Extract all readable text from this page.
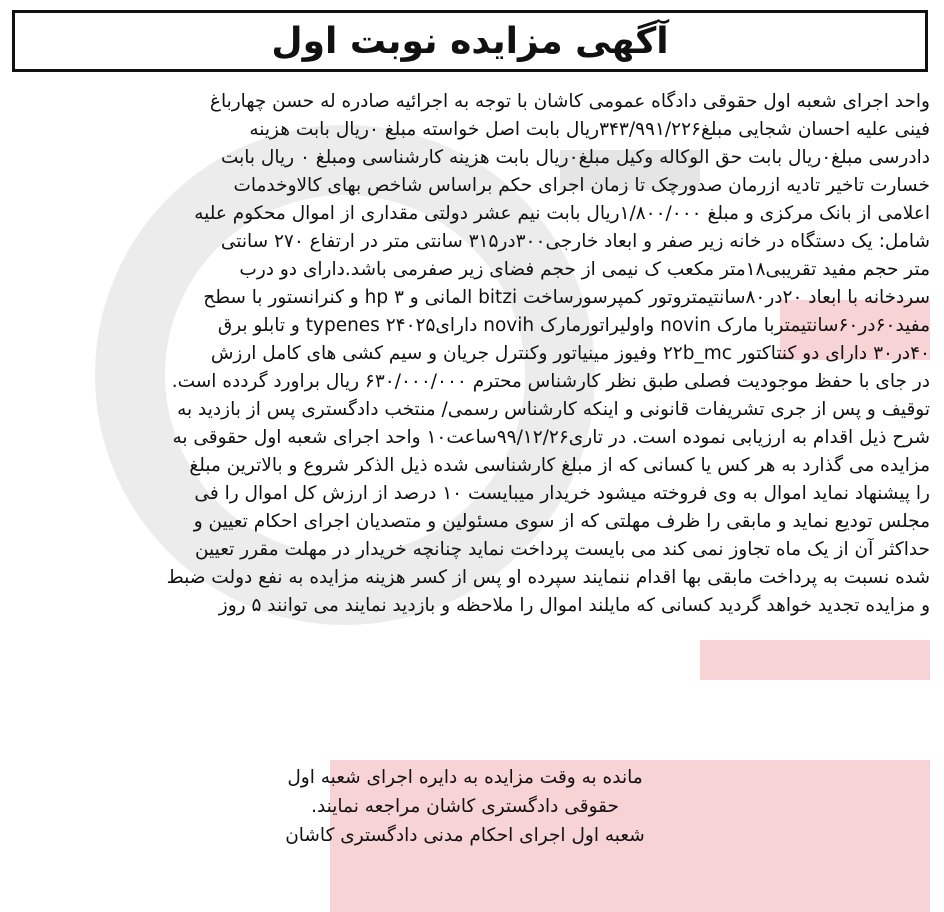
آگهی مزایده نوبت اول
واحد اجرای شعبه اول حقوقی دادگاه عمومی کاشان با توجه به اجرائیه صادره له حسن چهارباغ
فینی علیه احسان شجایی مبلغ۳۴۳/۹۹۱/۲۲۶ریال بابت اصل خواسته مبلغ ۰ریال بابت هزینه
دادرسی مبلغ۰ریال بابت حق الوکاله وکیل مبلغ۰ریال بابت هزینه کارشناسی ومبلغ ۰ ریال بابت
خسارت تاخیر تادیه ازرمان صدورچک تا زمان اجرای حکم براساس شاخص بهای کالاوخدمات
اعلامی از بانک مرکزی و مبلغ ۱/۸۰۰/۰۰۰ریال بابت نیم عشر دولتی مقداری از اموال محکوم علیه
شامل: یک دستگاه در خانه زیر صفر و ابعاد خارجی۳۰۰در۳۱۵ سانتی متر در ارتفاع ۲۷۰ سانتی
متر حجم مفید تقریبی۱۸متر مکعب ک نیمی از حجم فضای زیر صفرمی باشد.دارای دو درب
سردخانه با ابعاد ۲۰در۸۰سانتیمتروتور کمپرسورساخت bitzi المانی و ۳ hp و کنرانستور با سطح
مفید۶۰در۶۰سانتیمتربا مارک novin واولیراتورمارک novih دارای۲۴۰۲۵ typenes و تابلو برق
۴۰در۳۰ دارای دو کنتاکتور ۲۲b_mc وفیوز مینیاتور وکنترل جریان و سیم کشی های کامل ارزش
در جای با حفظ موجودیت فصلی طبق نظر کارشناس محترم ۶۳۰/۰۰۰/۰۰۰ ریال براورد گردده است.
توقیف و پس از جری تشریفات قانونی و اینکه کارشناس رسمی/ منتخب دادگستری پس از بازدید به
شرح ذیل اقدام به ارزیابی نموده است. در تاری۹۹/۱۲/۲۶ساعت۱۰ واحد اجرای شعبه اول حقوقی به
مزایده می گذارد به هر کس یا کسانی که از مبلغ کارشناسی شده ذیل الذکر شروع و بالاترین مبلغ
را پیشنهاد نماید اموال به وی فروخته میشود خریدار میبایست ۱۰ درصد از ارزش کل اموال را فی
مجلس تودیع نماید و مابقی را ظرف مهلتی که از سوی مسئولین و متصدیان اجرای احکام تعیین و
حداکثر آن از یک ماه تجاوز نمی کند می بایست پرداخت نماید چنانچه خریدار در مهلت مقرر تعیین
شده نسبت به پرداخت مابقی بها اقدام ننمایند سپرده او پس از کسر هزینه مزایده به نفع دولت ضبط
و مزایده تجدید خواهد گردید کسانی که مایلند اموال را ملاحظه و بازدید نمایند می توانند ۵ روز
مانده به وقت مزایده به دایره اجرای شعبه اول
حقوقی دادگستری کاشان مراجعه نمایند.
شعبه اول اجرای احکام مدنی دادگستری کاشان
